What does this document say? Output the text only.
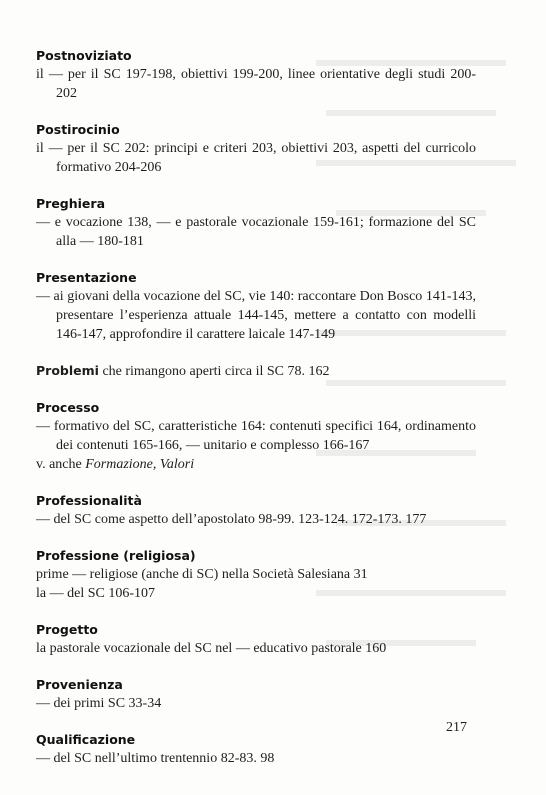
Postnoviziato
il — per il SC 197-198, obiettivi 199-200, linee orientative degli studi 200-202
Postirocinio
il — per il SC 202: principi e criteri 203, obiettivi 203, aspetti del curricolo formativo 204-206
Preghiera
— e vocazione 138, — e pastorale vocazionale 159-161; formazione del SC alla — 180-181
Presentazione
— ai giovani della vocazione del SC, vie 140: raccontare Don Bosco 141-143, presentare l’esperienza attuale 144-145, mettere a contatto con modelli 146-147, approfondire il carattere laicale 147-149
Problemi che rimangono aperti circa il SC 78. 162
Processo
— formativo del SC, caratteristiche 164: contenuti specifici 164, ordinamento dei contenuti 165-166, — unitario e complesso 166-167
v. anche Formazione, Valori
Professionalità
— del SC come aspetto dell’apostolato 98-99. 123-124. 172-173. 177
Professione (religiosa)
prime — religiose (anche di SC) nella Società Salesiana 31
la — del SC 106-107
Progetto
la pastorale vocazionale del SC nel — educativo pastorale 160
Provenienza
— dei primi SC 33-34
Qualificazione
— del SC nell’ultimo trentennio 82-83. 98
217
